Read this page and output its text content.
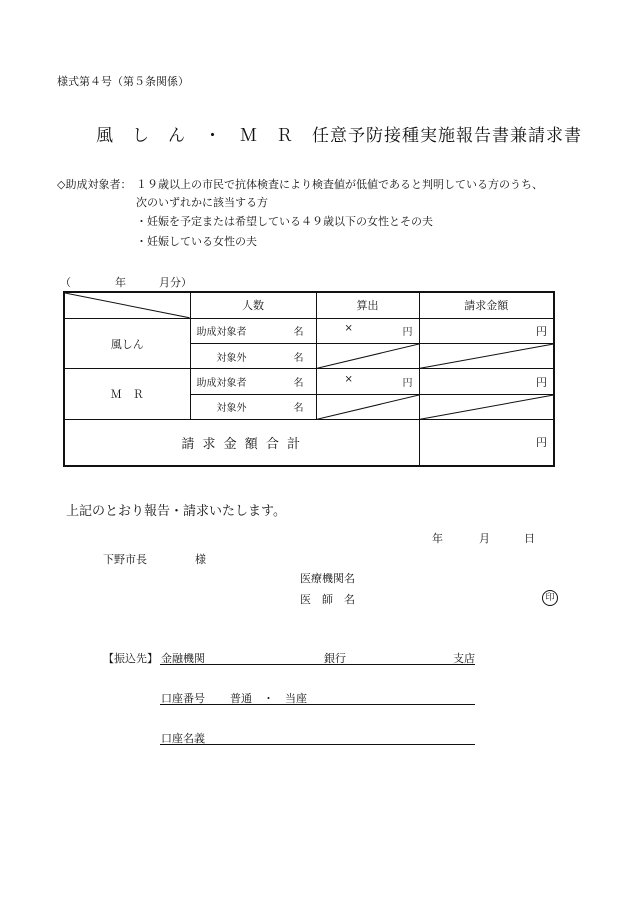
様式第４号（第５条関係）
風　し　ん　・　Ｍ　Ｒ　任意予防接種実施報告書兼請求書
◇助成対象者： １９歳以上の市民で抗体検査により検査値が低値であると判明している方のうち、
次のいずれかに該当する方
・妊娠を予定または希望している４９歳以下の女性とその夫
・妊娠している女性の夫
（　　　　年　　　月分）
	人数	算出	請求金額
風しん	助成対象者 名	× 円	円

	対象外 名

Ｍ　Ｒ	助成対象者 名	× 円	円

	対象外 名

請 求 金 額 合 計			円
上記のとおり報告・請求いたします。
年	月	日
下野市長	様
医療機関名
医　師　名	印
【振込先】 金融機関	銀行	支店
口座番号 普通　・　当座
口座名義
